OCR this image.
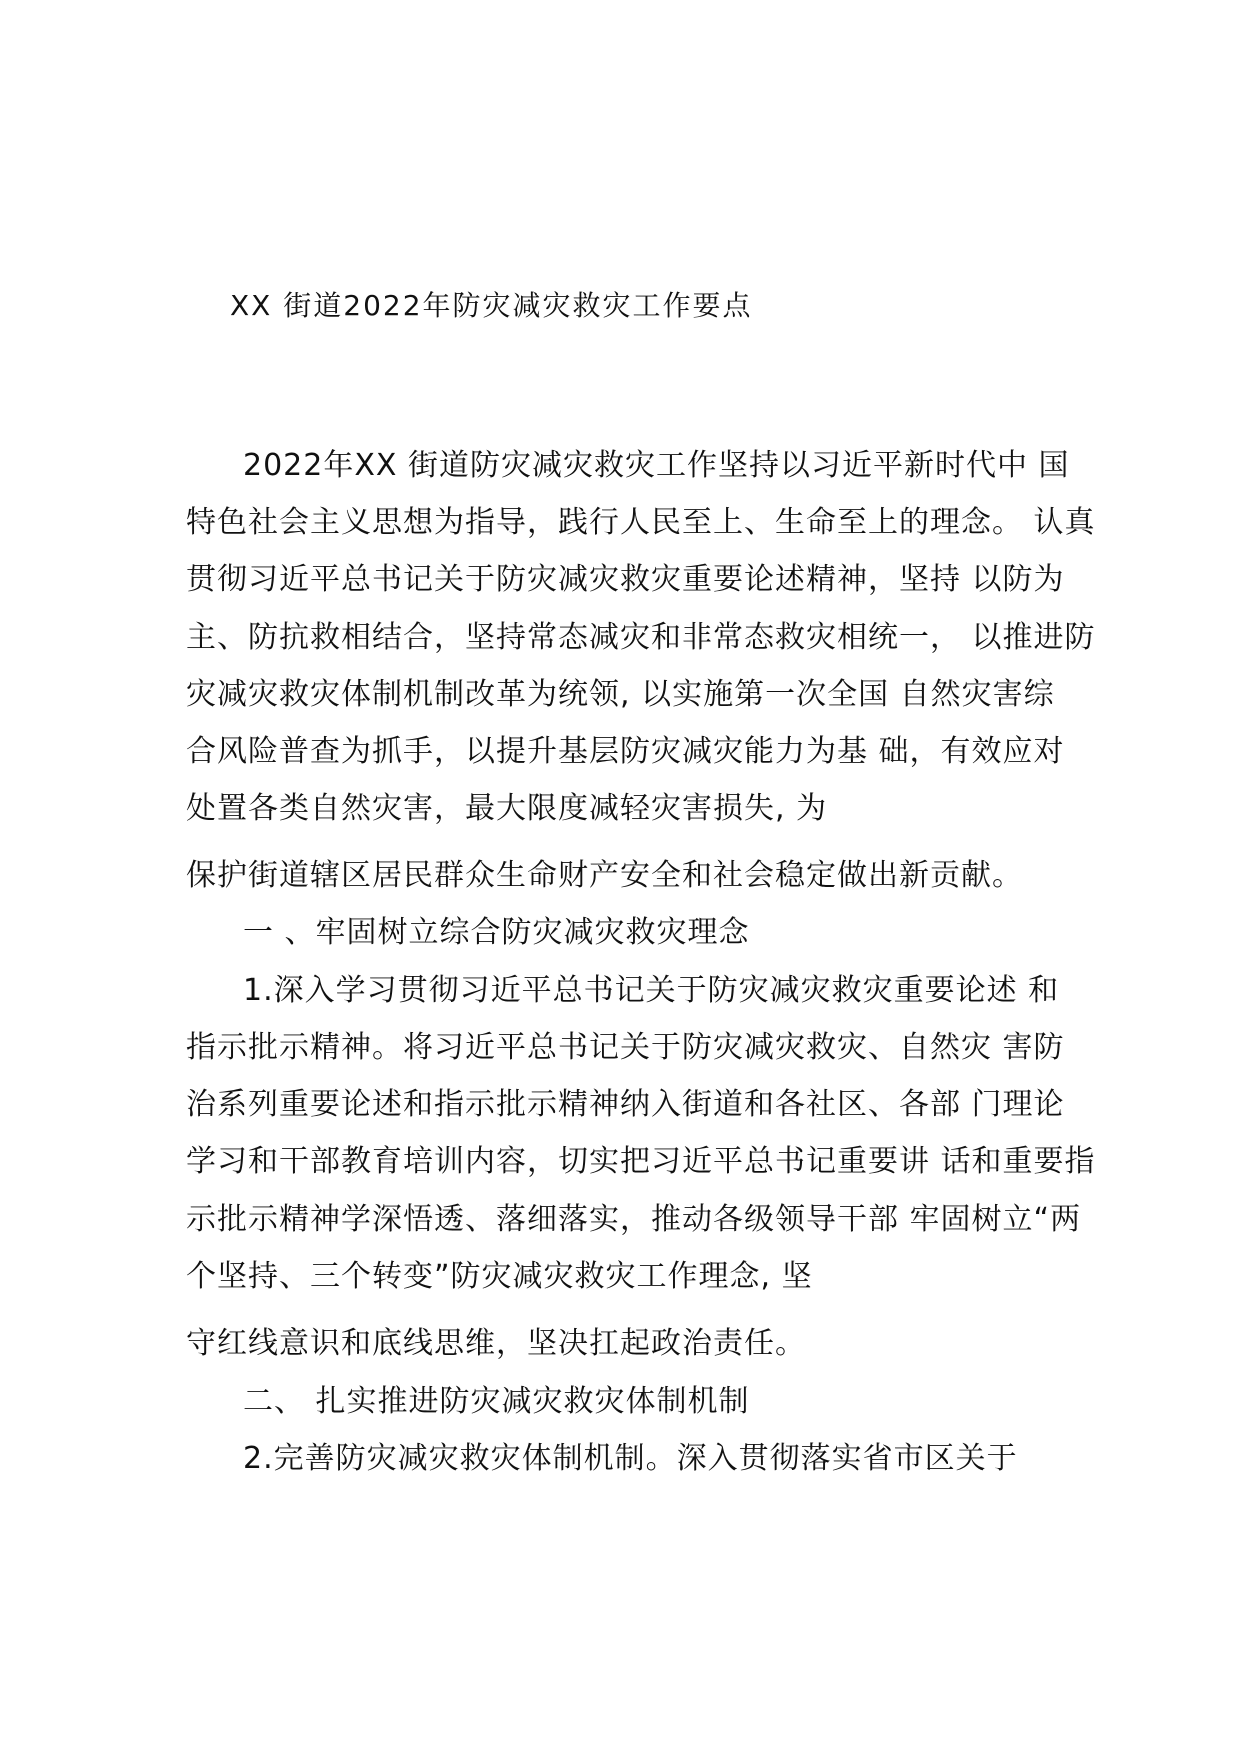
XX 街道2022年防灾减灾救灾工作要点
2022年XX 街道防灾减灾救灾工作坚持以习近平新时代中 国
特色社会主义思想为指导，践行人民至上、生命至上的理念。 认真
贯彻习近平总书记关于防灾减灾救灾重要论述精神，坚持 以防为
主、防抗救相结合，坚持常态减灾和非常态救灾相统一， 以推进防
灾减灾救灾体制机制改革为统领, 以实施第一次全国 自然灾害综
合风险普查为抓手，以提升基层防灾减灾能力为基 础，有效应对
处置各类自然灾害，最大限度减轻灾害损失, 为
保护街道辖区居民群众生命财产安全和社会稳定做出新贡献。
一 、牢固树立综合防灾减灾救灾理念
1.深入学习贯彻习近平总书记关于防灾减灾救灾重要论述 和
指示批示精神。将习近平总书记关于防灾减灾救灾、自然灾 害防
治系列重要论述和指示批示精神纳入街道和各社区、各部 门理论
学习和干部教育培训内容，切实把习近平总书记重要讲 话和重要指
示批示精神学深悟透、落细落实，推动各级领导干部 牢固树立“两
个坚持、三个转变”防灾减灾救灾工作理念, 坚
守红线意识和底线思维，坚决扛起政治责任。
二、 扎实推进防灾减灾救灾体制机制
2.完善防灾减灾救灾体制机制。深入贯彻落实省市区关于
